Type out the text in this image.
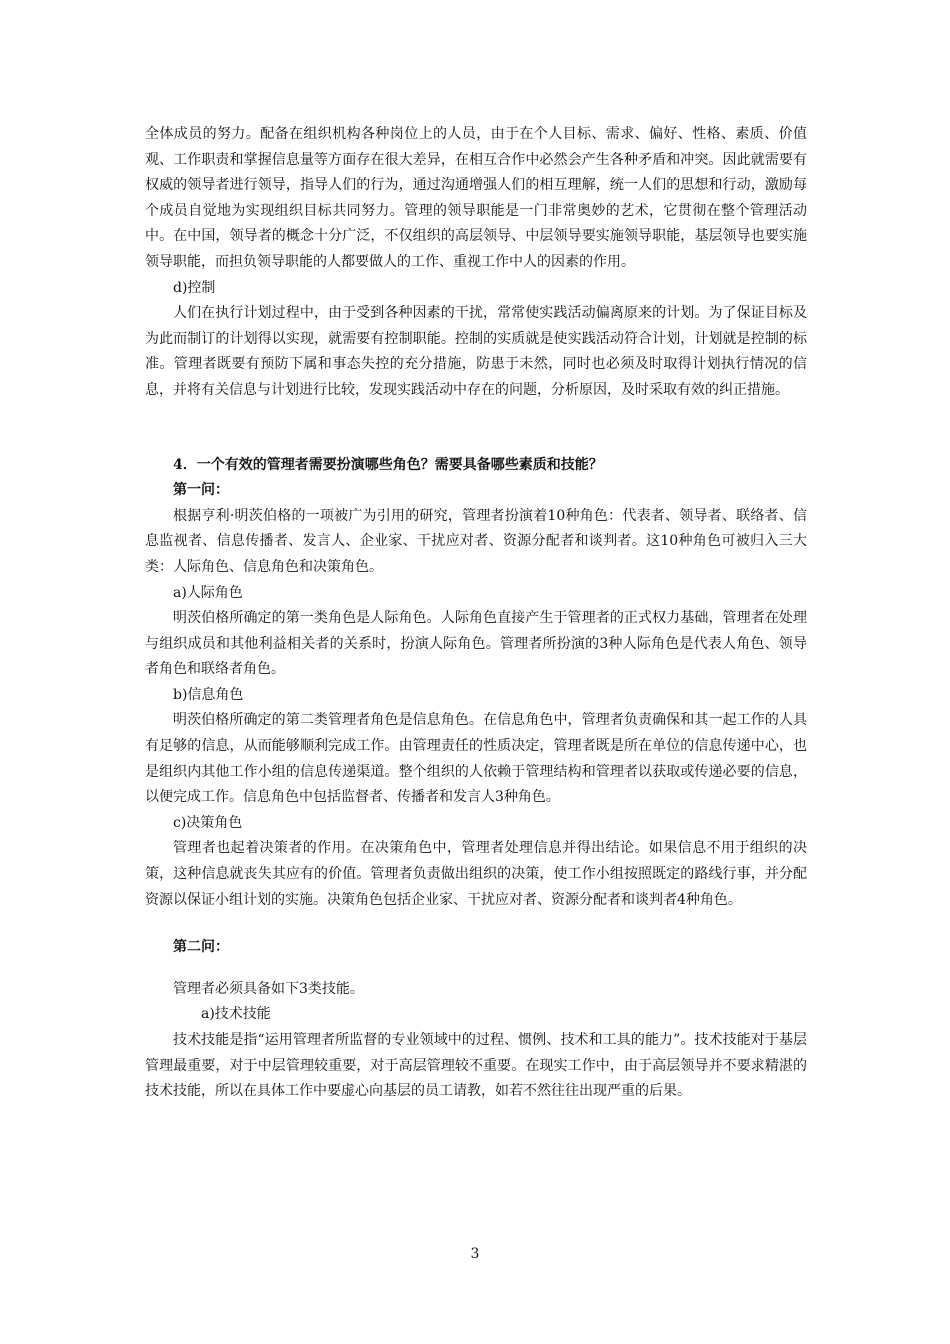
全体成员的努力。配备在组织机构各种岗位上的人员，由于在个人目标、需求、偏好、性格、素质、价值观、工作职责和掌握信息量等方面存在很大差异，在相互合作中必然会产生各种矛盾和冲突。因此就需要有权威的领导者进行领导，指导人们的行为，通过沟通增强人们的相互理解，统一人们的思想和行动，激励每个成员自觉地为实现组织目标共同努力。管理的领导职能是一门非常奥妙的艺术，它贯彻在整个管理活动中。在中国，领导者的概念十分广泛，不仅组织的高层领导、中层领导要实施领导职能，基层领导也要实施领导职能，而担负领导职能的人都要做人的工作、重视工作中人的因素的作用。

d)控制

人们在执行计划过程中，由于受到各种因素的干扰，常常使实践活动偏离原来的计划。为了保证目标及为此而制订的计划得以实现，就需要有控制职能。控制的实质就是使实践活动符合计划，计划就是控制的标准。管理者既要有预防下属和事态失控的充分措施，防患于未然，同时也必须及时取得计划执行情况的信息，并将有关信息与计划进行比较，发现实践活动中存在的问题，分析原因，及时采取有效的纠正措施。

4．一个有效的管理者需要扮演哪些角色？需要具备哪些素质和技能？

第一问：

根据亨利·明茨伯格的一项被广为引用的研究，管理者扮演着10种角色：代表者、领导者、联络者、信息监视者、信息传播者、发言人、企业家、干扰应对者、资源分配者和谈判者。这10种角色可被归入三大类：人际角色、信息角色和决策角色。

a)人际角色

明茨伯格所确定的第一类角色是人际角色。人际角色直接产生于管理者的正式权力基础，管理者在处理与组织成员和其他利益相关者的关系时，扮演人际角色。管理者所扮演的3种人际角色是代表人角色、领导者角色和联络者角色。

b)信息角色

明茨伯格所确定的第二类管理者角色是信息角色。在信息角色中，管理者负责确保和其一起工作的人具有足够的信息，从而能够顺利完成工作。由管理责任的性质决定，管理者既是所在单位的信息传递中心，也是组织内其他工作小组的信息传递渠道。整个组织的人依赖于管理结构和管理者以获取或传递必要的信息，以便完成工作。信息角色中包括监督者、传播者和发言人3种角色。

c)决策角色

管理者也起着决策者的作用。在决策角色中，管理者处理信息并得出结论。如果信息不用于组织的决策，这种信息就丧失其应有的价值。管理者负责做出组织的决策，使工作小组按照既定的路线行事，并分配资源以保证小组计划的实施。决策角色包括企业家、干扰应对者、资源分配者和谈判者4种角色。

第二问：

管理者必须具备如下3类技能。

a)技术技能

技术技能是指“运用管理者所监督的专业领域中的过程、惯例、技术和工具的能力”。技术技能对于基层管理最重要，对于中层管理较重要，对于高层管理较不重要。在现实工作中，由于高层领导并不要求精湛的技术技能，所以在具体工作中要虚心向基层的员工请教，如若不然往往出现严重的后果。

3
